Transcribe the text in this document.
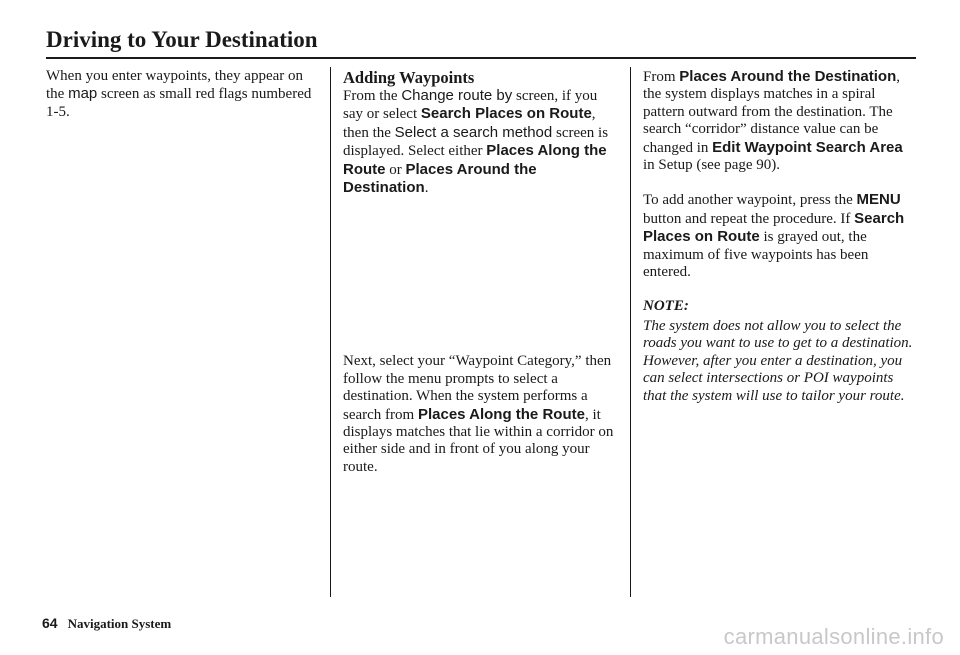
Driving to Your Destination

When you enter waypoints, they appear on the map screen as small red flags numbered 1-5.

Adding Waypoints

From the Change route by screen, if you say or select Search Places on Route, then the Select a search method screen is displayed. Select either Places Along the Route or Places Around the Destination.

Next, select your “Waypoint Category,” then follow the menu prompts to select a destination. When the system performs a search from Places Along the Route, it displays matches that lie within a corridor on either side and in front of you along your route.

From Places Around the Destination, the system displays matches in a spiral pattern outward from the destination. The search “corridor” distance value can be changed in Edit Waypoint Search Area in Setup (see page 90).

To add another waypoint, press the MENU button and repeat the procedure. If Search Places on Route is grayed out, the maximum of five waypoints has been entered.

NOTE:

The system does not allow you to select the roads you want to use to get to a destination. However, after you enter a destination, you can select intersections or POI waypoints that the system will use to tailor your route.

64 Navigation System
carmanualsonline.info
